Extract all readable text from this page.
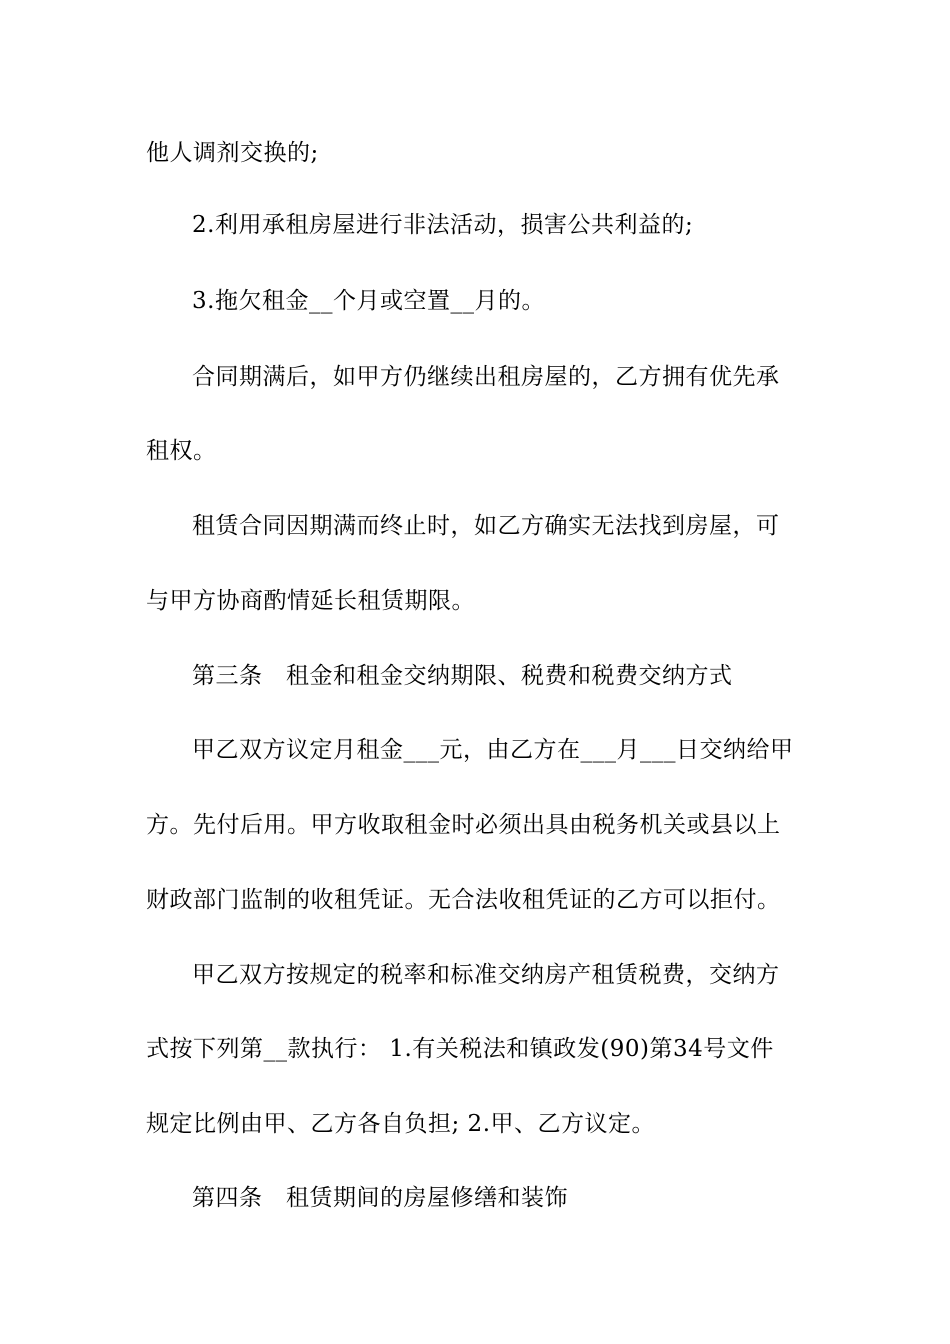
他人调剂交换的;
2.利用承租房屋进行非法活动，损害公共利益的;
3.拖欠租金__个月或空置__月的。
合同期满后，如甲方仍继续出租房屋的，乙方拥有优先承
租权。
租赁合同因期满而终止时，如乙方确实无法找到房屋，可
与甲方协商酌情延长租赁期限。
第三条　租金和租金交纳期限、税费和税费交纳方式
甲乙双方议定月租金___元，由乙方在___月___日交纳给甲
方。先付后用。甲方收取租金时必须出具由税务机关或县以上
财政部门监制的收租凭证。无合法收租凭证的乙方可以拒付。
甲乙双方按规定的税率和标准交纳房产租赁税费，交纳方
式按下列第__款执行： 1.有关税法和镇政发(90)第34号文件
规定比例由甲、乙方各自负担; 2.甲、乙方议定。
第四条　租赁期间的房屋修缮和装饰
